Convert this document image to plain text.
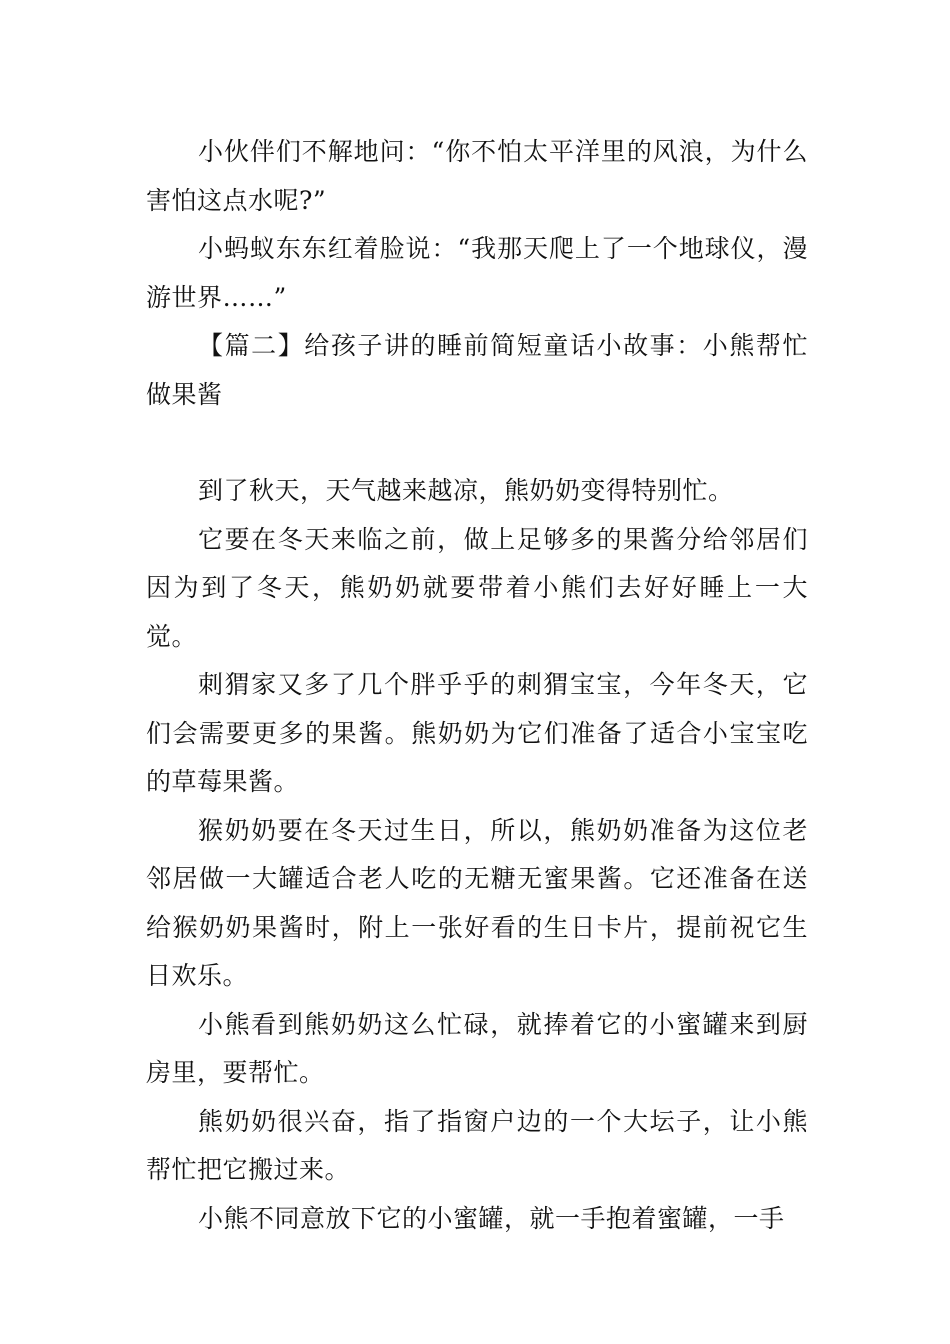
小伙伴们不解地问：“你不怕太平洋里的风浪，为什么害怕这点水呢?”

小蚂蚁东东红着脸说：“我那天爬上了一个地球仪，漫游世界……”

【篇二】给孩子讲的睡前简短童话小故事：小熊帮忙做果酱

到了秋天，天气越来越凉，熊奶奶变得特别忙。

它要在冬天来临之前，做上足够多的果酱分给邻居们因为到了冬天，熊奶奶就要带着小熊们去好好睡上一大觉。

刺猬家又多了几个胖乎乎的刺猬宝宝，今年冬天，它们会需要更多的果酱。熊奶奶为它们准备了适合小宝宝吃的草莓果酱。

猴奶奶要在冬天过生日，所以，熊奶奶准备为这位老邻居做一大罐适合老人吃的无糖无蜜果酱。它还准备在送给猴奶奶果酱时，附上一张好看的生日卡片，提前祝它生日欢乐。

小熊看到熊奶奶这么忙碌，就捧着它的小蜜罐来到厨房里，要帮忙。

熊奶奶很兴奋，指了指窗户边的一个大坛子，让小熊帮忙把它搬过来。

小熊不同意放下它的小蜜罐，就一手抱着蜜罐，一手
